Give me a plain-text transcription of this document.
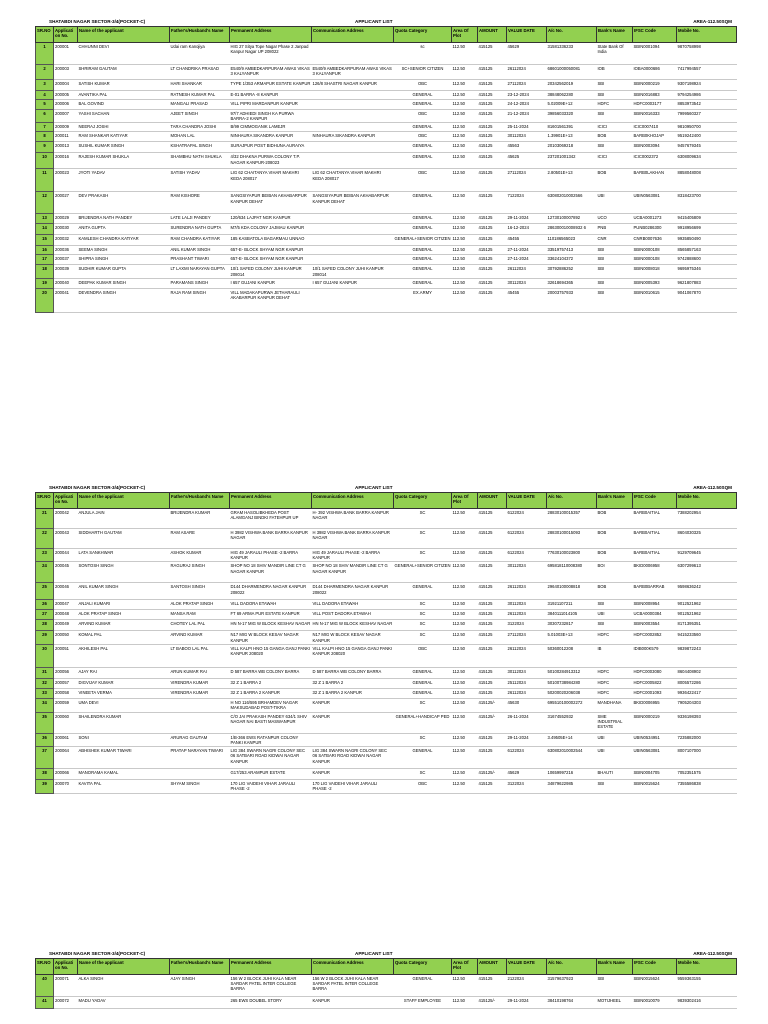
SHATABDI NAGAR SECTOR-3/4(POCKET-C)	APPLICANT LIST	AREA-112.50SQM
SR.NO	Applicati on No.	Name of the applicant	Father's/Husband's Name	Permanent Address	Communication Address	Quota Category	Area Of Plot	AMOUNT	VALUE DATE	A/c No.	Bank's Name	IFSC Code	Mobile No.
1	200001	CHHUNNI DEVI	Udai ram Kanojiya	HIG 27 Sitya Tope Nagar Phase 2 Janpad Kanpur Nagar UP 208022		sc	112.50	415125	45629	31581336233	State Bank Of India	SBIN0001094	9870758998
2	200003	SHRIRAM GAUTAM	LT CHANDRIKA PRASAD	E540/9 AMBEDKARPURAM AWAS VIKAS 3 KALYANPUR	E540/9 AMBEDKARPURAM AWAS VIKAS 3 KALYANPUR	SC+SENIOR CITIZEN	112.50	415125	26112024	68601000050081	IOB	IOBA0000686	7417994557
3	200004	SATISH KUMAR	HARI SHANKAR	TYPE 1/353 ARMAPUR ESTATE KANPUR	126/8 SHASTRI NAGAR KANPUR	OBC	112.50	415125	27112024	20342562019	SBI	SBIN0000219	9307198924
4	200005	AVANTIKA PAL	RATNESH KUMAR PAL	E-01 BARRA -8 KANPUR		GENERAL	112.50	415125	23-12-2024	38848062280	SBI	SBIN0016883	9794254986
5	200006	BAL GOVIND	MANGALI PRASAD	VILL PIPRI MARDANPUR KANPUR		GENERAL	112.50	415125	24-12-2024	5.02009E+12	HDFC	HDFC0003177	8853973542
6	200007	YASHI SACHAN	AJEET SINGH	97/7 ADHIEDI SINGH KA PURWA BARRA-2 KANPUR		OBC	112.50	415125	21-12-2024	39856033320	SBI	SBIN0016333	7999560327
7	200009	NEERAJ JOSHI	TARA CHANDRA JOSHI	B/99 CIMMOGANIK LAMEJR		GENERAL	112.50	415125	25-11-2024	81601561391	ICICI	ICIC0007410	9810950700
8	200011	RAM SHANKAR KATIYAR	MOHAN LAL	NINHAURA SIKANDRA KANPUR	NINHAURA SIKANDRA KANPUR	OBC	112.50	415125	30112024	1.39901E+13	BOB	BARB0KHOJAP	9519242400
9	200013	SUSHIL KUMAR SINGH	KSHATRAPAL SINGH	SURAJPUR POST BIDHUNA AURAIYA		GENERAL	112.50	415125	45563	20103069218	SBI	SBIN0003094	9457679345
10	200016	RAJESH KUMAR SHUKLA	SHAMBHU NATH SHUKLA	4/32 DHAKNA PURWA COLONY T.P. NAGAR KANPUR-208023		GENERAL	112.50	415125	45625	237201001342	ICICI	ICIC0002372	6308009634
11	200023	JYOTI YADAV	SATISH YADAV	LIG 62 CHAITANYA VIHAR MAKHRI KEDA 208017	LIG 62 CHAITANYA VIHAR MAKHRI KEDA 208017	OBC	112.50	415125	27112024	2.80501E+13	BOB	BARB0LAKHAN	8858048008
12	200027	DEV PRAKASH	RAM KISHORE	SANGSIYAPUR BEIBAN AKHABARPUR KANPUR DEHAT	SANGSIYAPUR BEIBAN AKHABARPUR KANPUR DEHAT	GENERAL	112.50	415125	7122024	630802010002566	UBI	UBIN0563081	8318423700
13	200029	BRIJENDRA NATH PANDEY	LATE LALJI PANDEY	120/634 LAJPAT NGR KANPUR		GENERAL	112.50	415125	29-11-2024	12730100007892	UCO	UCBA0001273	9415405809
14	200030	ANITA GUPTA	SURENDRA NATH GUPTA	M7/5 KDA COLONY JAJMAU KANPUR		GENERAL	112.50	415125	16-12-2024	286300010008932 6	PNB	PUNB0286300	9918956699
15	200032	KAMLESH CHANDRA KATIYAR	RAM CHANDRA KATIYAR	185 KASBATOLA BAGARMAU UNNAO		GENERAL+SENIOR CITIZEN	112.50	415125	45455	110186565023	CNR	CNRB0007636	9935850490
16	200036	SEEMA SINGH	ANIL KUMAR SINGH	657-E- BLOCK SHYAM NGR KANPUR		GENERAL	112.50	415125	27-11-2024	33519757413	SBI	SBIN0000108	8565857163
17	200037	SHIPRA SINGH	PRASHANT TIWARI	657-E- BLOCK SHYAM NGR KANPUR		GENERAL	112.50	415125	27-11-2024	33624104372	SBI	SBIN0000108	9742888600
18	200039	SUDHIR KUMAR GUPTA	LT LAXMI NARAYAN GUPTA	10/1 SAFED COLONY JUHI KANPUR 208014	10/1 SAFED COLONY JUHI KANPUR 208014	GENERAL	112.50	415125	26112024	30792886252	SBI	SBIN0008018	9695975346
19	200040	DEEPAK KUMAR SINGH	PARAMANS SINGH	I 657 GUJANI KANPUR	I 657 GUJANI KANPUR	GENERAL	112.50	415125	30112024	32618694365	SBI	SBIN0005393	9621807883
20	200041	DEVENDRA SINGH	RAJA RAM SINGH	VILL MADAKAPURWA JETHARAULI AKABARPUR KANPUR DEHAT		EX.ARMY	112.50	415125	45455	20003757933	SBI	SBIN0010615	9041067870
SHATABDI NAGAR SECTOR-3/4(POCKET-C)	APPLICANT LIST	AREA-112.50SQM
SR.NO	Applicati on No.	Name of the applicant	Father's/Husband's Name	Permanent Address	Communication Address	Quota Category	Area Of Plot	AMOUNT	VALUE DATE	A/c No.	Bank's Name	IFSC Code	Mobile No.
21	200042	ANJULA JAIN	BRIJENDRA KUMAR	GRAM HASOLIBKHEDA POST ALAMGANJ BINDKI FATEHPUR UP	H- 392 VISHWA BANK BARRA KANPUR NAGAR	SC	112.50	415125	6122024	28830100015357	BOB	BARB0AITIAL	7388202954
22	200043	SIDDHARTH GAUTAM	RAM ASARE	H 3982 VISHWA BANK BARRA KANPUR NAGAR	H 3982 VISHWA BANK BARRA KANPUR NAGAR	SC	112.50	415125	6122024	28830100015093	BOB	BARB0AITIAL	8604030325
23	200044	LATA SANKHWAR	ASHOK KUMAR	HIG 49 JARAULI PHASE -2 BARRA KANPUR	HIG 49 JARAULI PHASE -2 BARRA KANPUR	SC	112.50	415125	6122024	77630100023800	BOB	BARB0AITIAL	9129709645
24	200045	SONTOSH SINGH	RAGURAJ SINGH	SHOP NO 18 SHIV MANDIR LINE CT G NAGAR KANPUR	SHOP NO 18 SHIV MANDIR LINE CT G NAGAR KANPUR	GENERAL+SENIOR CITIZEN	112.50	415125	30112024	695818110008380	BOI	BKID0006958	6307299613
25	200046	ANIL KUMAR SINGH	SANTOSH SINGH	D144 DHARMENDRA NAGAR KANPUR 208022	D144 DHARMENDRA NAGAR KANPUR 208022	GENERAL	112.50	415125	26112024	29640100008818	BOB	BARB0BARRAB	9598636242
26	200047	ANJALI KUMARI	ALOK PRATAP SINGH	VILL DADORA ETAWAH	VILL DADORA ETAWAH	SC	112.50	415125	30112024	31921107211	SBI	SBIN0008954	9012521962
27	200048	ALOK PRATAP SINGH	MANSA RAM	FT 69 ARMA PUR ESTATE KANPUR	VILL POST DADORA ETAWAH	SC	112.50	415125	26112024	3840111014105	UBI	UCBA0000384	9012521962
28	200049	ARVIND KUMAR	CHOTEY LAL PAL	HN N-17 MIG W BLOCK KESHAV NAGAR	HN N-17 MIG W BLOCK KESHAV NAGAR	SC	112.50	415125	3122024	30307232817	SBI	SBIN0003554	8171395351
29	200050	KOMAL PAL	ARVIND KUMAR	N17 MIG W BLOCK KESAV NAGAR KANPUR	N17 MIG W BLOCK KESAV NAGAR KANPUR	SC	112.50	415125	27112024	5.01003E+13	HDFC	HDFC0002852	9415233560
30	200051	AKHILESH PAL	LT BABOO LAL PAL	VILL KALPI HNO 15 GANGA GANJ PANKI KANPUR 208020	VILL KALPI HNO 15 GANGA GANJ PANKI KANPUR 208020	OBC	112.50	415125	26112024	50360012208	IB	IDIB000K579	9839872243
31	200056	AJAY RAI	ARUN KUMAR RAI	D 587 BARRA WB COLONY BARRA	D 587 BARRA WB COLONY BARRA	GENERAL	112.50	415125	30112024	50100284913312	HDFC	HDFC0003080	8604408902
32	200057	DIGVIJAY KUMAR	VIRENDRA KUMAR	32 Z 1 BARRA 2	32 Z 1 BARRA 2	GENERAL	112.50	415125	25112024	50100738984280	HDFC	HDFC0005822	8005572286
33	200058	VINEETA VERMA	VIRENDRA KUMAR	32 Z 1 BARRA 2 KANPUR	32 Z 1 BARRA 2 KANPUR	GENERAL	112.50	415125	26112024	50200020206038	HDFC	HDFC0001093	9936422417
34	200059	UMA DEVI		H NO 116/595 BRHAMDEV NAGAR MAKSUDABAD POST-TIKRA	KANPUR	SC	112.50	415125/-	45630	695510100002272	MANDHANA	BKID0006955	7905204303
35	200060	SHAILENDRA KUMAR		C/O JAI PRAKASH PANDEY 634/1 SHIV NAGAR NAI BASTI MASWANPUR	KANPUR	GENERAL+HANDICAP PED	112.50	415125/-	26-11-2024	31674552932	SME INDUSTRIAL ESTATE	SBIN0000219	9336198393
36	200061	SONI	ARURAG GAUTAM	1/B-366 EWS RATANPUR COLONY PANKI KANPUR		SC	112.50	415125	29-11-2024	3.49505E+14	UBI	UBIN0534951	7235882000
37	200064	ABHISHEK KUMAR TIWARI	PRATAP NARAYAN TIWARI	LIG 384 SWARN NAGRI COLONY SEC 06 SATBARI ROAD KIDWAI NAGAR KANPUR	LIG 384 SWARN NAGRI COLONY SEC 06 SATBARI ROAD KIDWAI NAGAR KANPUR	GENERAL	112.50	415125	6122024	630802010002544	UBI	UBIN0563081	8007107000
38	200066	MANORAMA KAMAL		G17/253 ARAMPUR ESTATE	KANPUR	SC	112.50	415125/-	45629	10659997216	BHAUTI	SBIN0004705	7052351575
39	200070	KAVITA PAL	SHYAM SINGH	170 LIG VAIDEHI VIHAR JARAULI PHASE -2	170 LIG VAIDEHI VIHAR JARAULI PHASE -2	OBC	112.50	415125	3122024	34879622985	SBI	SBIN0015624	7355586838
SHATABDI NAGAR SECTOR-3/4(POCKET-C)	APPLICANT LIST	AREA-112.50SQM
SR.NO	Applicati on No.	Name of the applicant	Father's/Husband's Name	Permanent Address	Communication Address	Quota Category	Area Of Plot	AMOUNT	VALUE DATE	A/c No.	Bank's Name	IFSC Code	Mobile No.
40	200071	ALKA SINGH	AJAY SINGH	156 W 2 BLOCK JUHI KALA NEAR SARDAR PATEL INTER COLLEGE BARRA	156 W 2 BLOCK JUHI KALA NEAR SARDAR PATEL INTER COLLEGE BARRA	GENERAL	112.50	415125	2122024	31579637923	SBI	SBIN0015624	9559363155
41	200072	MADU YADAV		265 EWS DOUBEL STORY	KANPUR	STAFF EMPLOYEE	112.50	415125/-	29-11-2024	38410198764	MOTIJHEEL	SBIN0010079	9839302416
